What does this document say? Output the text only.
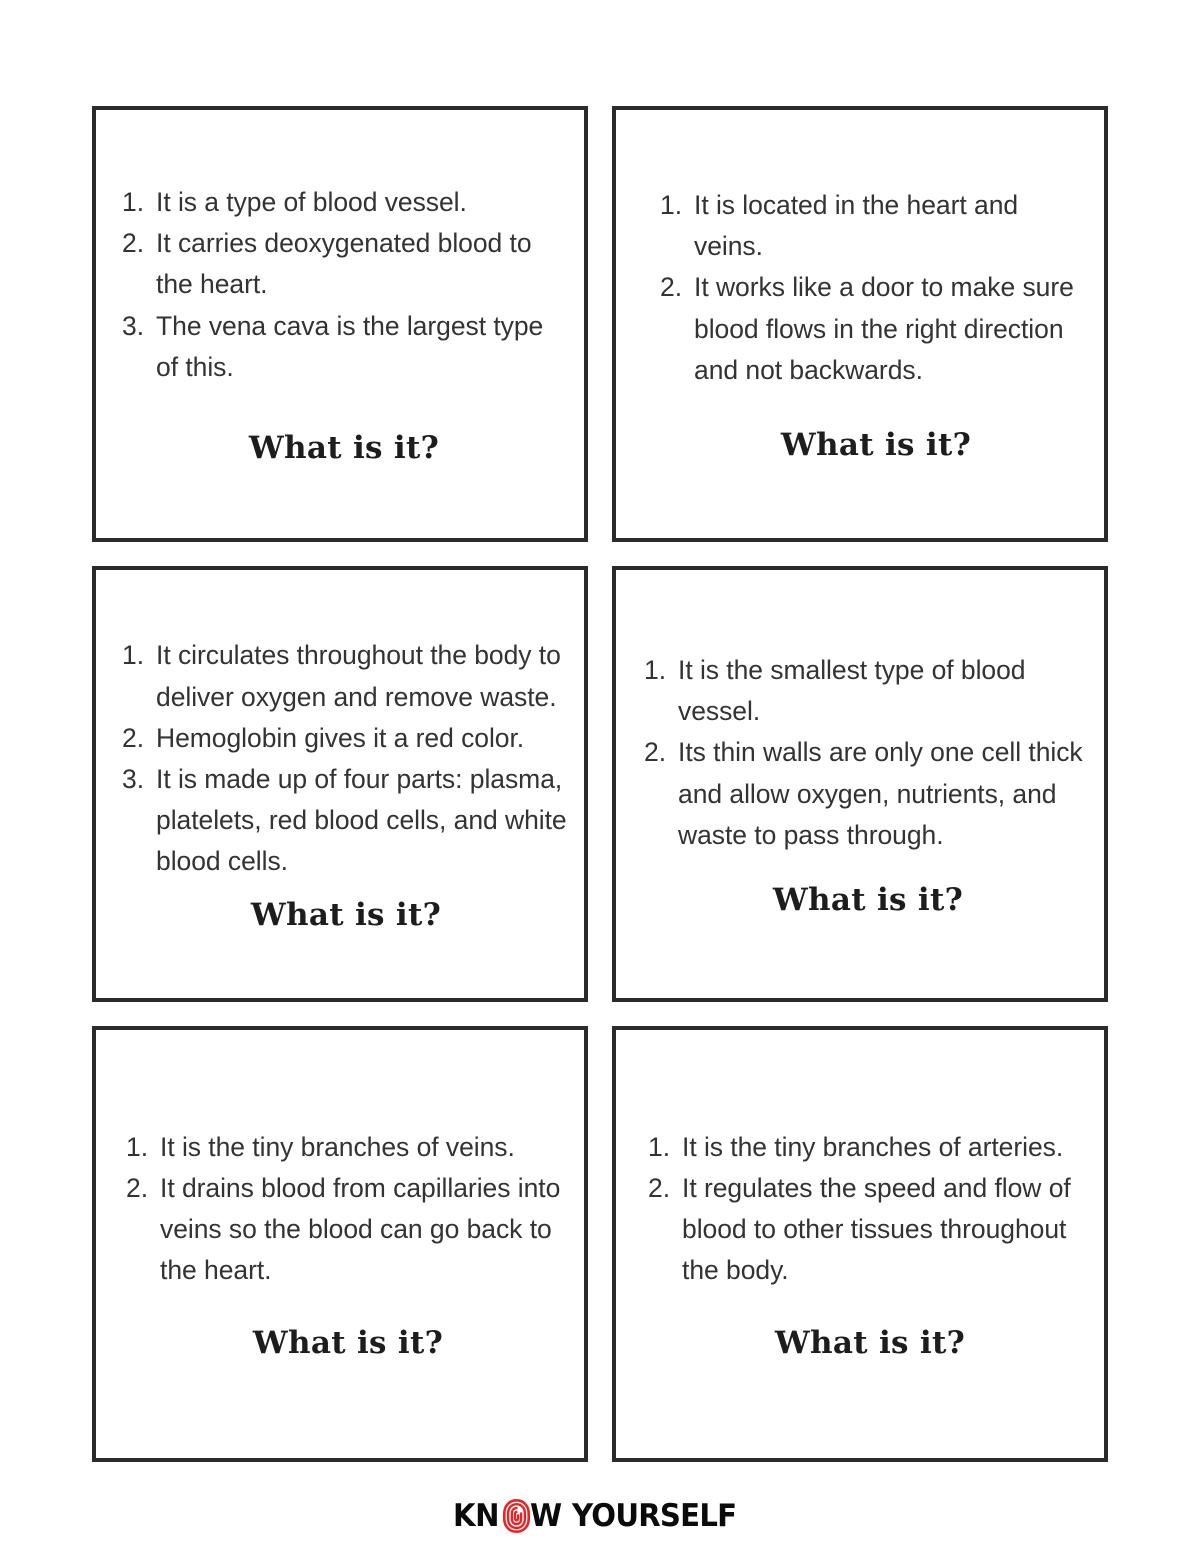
1. It is a type of blood vessel.
2. It carries deoxygenated blood to the heart.
3. The vena cava is the largest type of this.
What is it?
1. It is located in the heart and veins.
2. It works like a door to make sure blood flows in the right direction and not backwards.
What is it?
1. It circulates throughout the body to deliver oxygen and remove waste.
2. Hemoglobin gives it a red color.
3. It is made up of four parts: plasma, platelets, red blood cells, and white blood cells.
What is it?
1. It is the smallest type of blood vessel.
2. Its thin walls are only one cell thick and allow oxygen, nutrients, and waste to pass through.
What is it?
1. It is the tiny branches of veins.
2. It drains blood from capillaries into veins so the blood can go back to the heart.
What is it?
1. It is the tiny branches of arteries.
2. It regulates the speed and flow of blood to other tissues throughout the body.
What is it?
KN W YOURSELF
